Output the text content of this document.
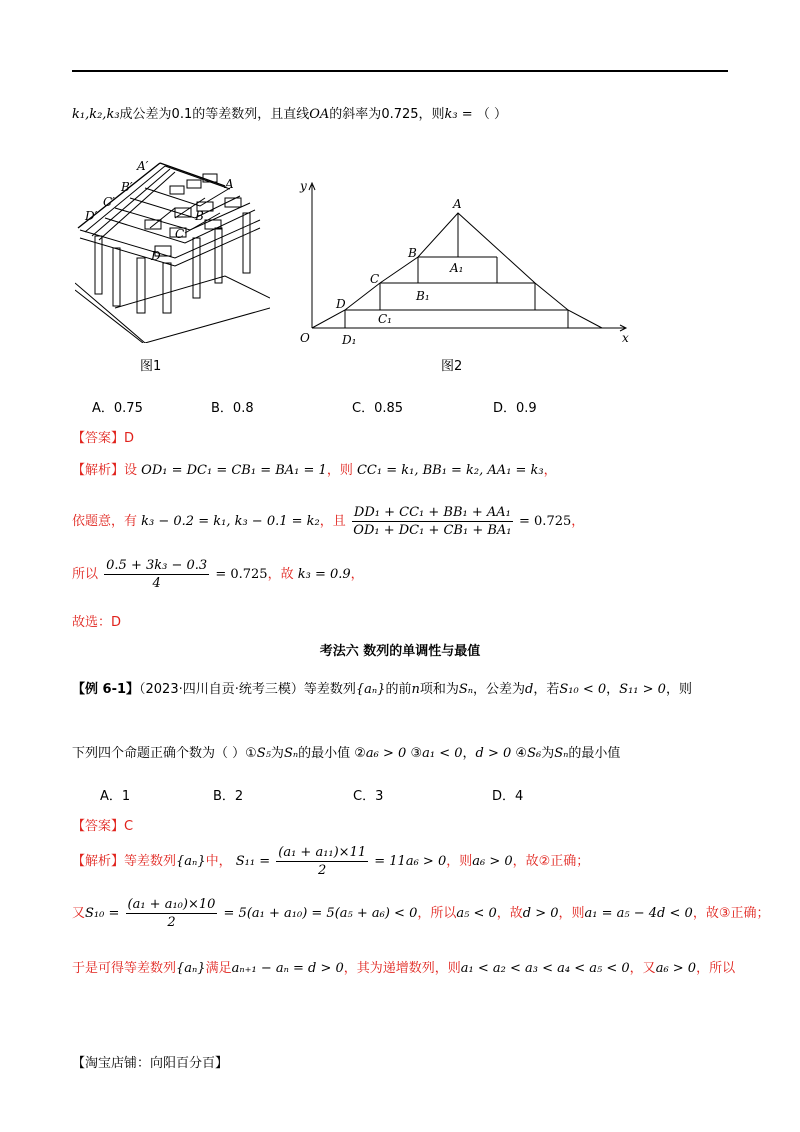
k₁,k₂,k₃成公差为0.1的等差数列，且直线OA的斜率为0.725，则k₃ = （ ）
A′
A
B′
B
C′
C
D′
D
图1
y
x
O
A
B
C
D
A₁
B₁
C₁
D₁
图2
A．0.75	B．0.8	C．0.85	D．0.9
【答案】D
【解析】设 OD₁ = DC₁ = CB₁ = BA₁ = 1，则 CC₁ = k₁, BB₁ = k₂, AA₁ = k₃，
依题意，有 k₃ − 0.2 = k₁, k₃ − 0.1 = k₂，且 $\frac{\text{DD₁ + CC₁ + BB₁ + AA₁}}{\text{OD₁ + DC₁ + CB₁ + BA₁}} = 0.725$，
所以 $\frac{\text{0.5 + 3k₃ − 0.3}}{4} = 0.725$，故 k₃ = 0.9，
故选：D
考法六 数列的单调性与最值
【例 6-1】（2023·四川自贡·统考三模）等差数列{aₙ}的前n项和为Sₙ，公差为d，若S₁₀ < 0，S₁₁ > 0，则
下列四个命题正确个数为（ ）①S₅为Sₙ的最小值 ②a₆ > 0 ③a₁ < 0，d > 0 ④S₆为Sₙ的最小值
A．1	B．2	C．3	D．4
【答案】C
【解析】等差数列{aₙ}中， $S_{11} = \frac{\text{(a₁ + a₁₁)×11}}{2} = 11a_6 > 0$，则a₆ > 0，故②正确；
又$S_{10} = \frac{\text{(a₁ + a₁₀)×10}}{2} = 5(a_1 + a_{10}) = 5(a_5 + a_6) < 0$，所以a₅ < 0，故d > 0，则a₁ = a₅ − 4d < 0，故③正确；
于是可得等差数列{aₙ}满足aₙ₊₁ − aₙ = d > 0，其为递增数列，则a₁ < a₂ < a₃ < a₄ < a₅ < 0，又a₆ > 0，所以
【淘宝店铺：向阳百分百】
